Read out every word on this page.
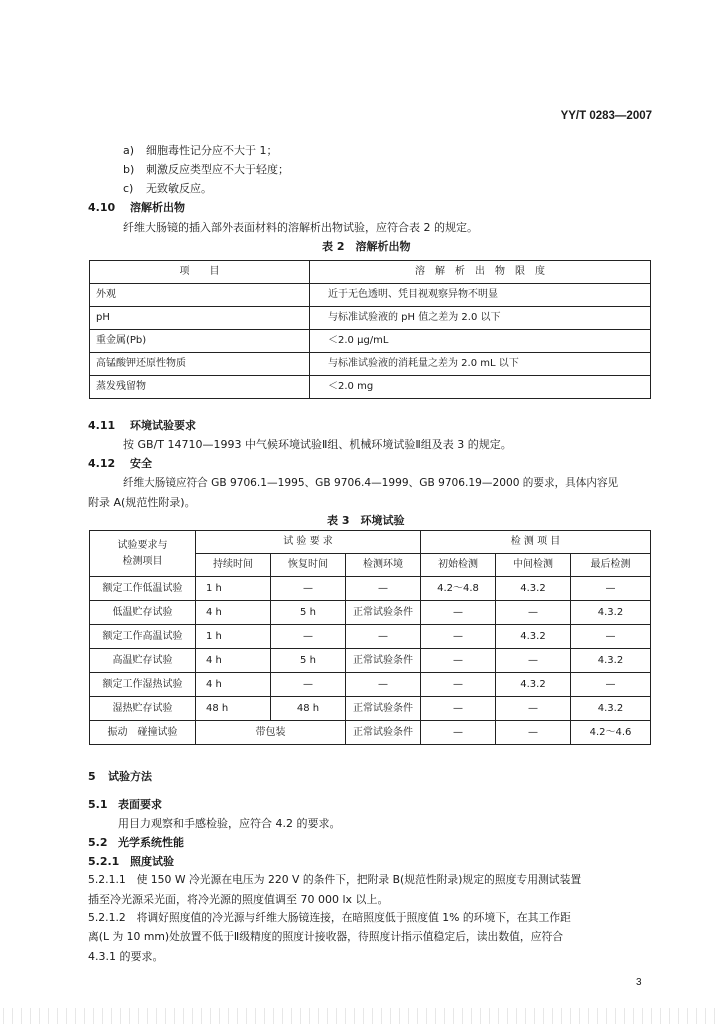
YY/T 0283—2007
a) 细胞毒性记分应不大于 1；
b) 刺激反应类型应不大于轻度；
c) 无致敏反应。
4.10 溶解析出物
纤维大肠镜的插入部外表面材料的溶解析出物试验，应符合表 2 的规定。
表 2　溶解析出物
项　　目	溶　解　析　出　物　限　度
外观	近于无色透明、凭目视观察异物不明显
pH	与标准试验液的 pH 值之差为 2.0 以下
重金属(Pb)	＜2.0 μg/mL
高锰酸钾还原性物质	与标准试验液的消耗量之差为 2.0 mL 以下
蒸发残留物	＜2.0 mg
4.11 环境试验要求
按 GB/T 14710—1993 中气候环境试验Ⅱ组、机械环境试验Ⅱ组及表 3 的规定。
4.12 安全
纤维大肠镜应符合 GB 9706.1—1995、GB 9706.4—1999、GB 9706.19—2000 的要求，具体内容见
附录 A(规范性附录)。
表 3　环境试验
试验要求与
检测项目	试 验 要 求			检 测 项 目		
	持续时间	恢复时间	检测环境	初始检测	中间检测	最后检测
额定工作低温试验	1 h	—	—	4.2～4.8	4.3.2	—
低温贮存试验	4 h	5 h	正常试验条件	—	—	4.3.2
额定工作高温试验	1 h	—	—	—	4.3.2	—
高温贮存试验	4 h	5 h	正常试验条件	—	—	4.3.2
额定工作湿热试验	4 h	—	—	—	4.3.2	—
湿热贮存试验	48 h	48 h	正常试验条件	—	—	4.3.2
振动　碰撞试验	带包装		正常试验条件	—	—	4.2～4.6
5 试验方法
5.1 表面要求
用目力观察和手感检验，应符合 4.2 的要求。
5.2 光学系统性能
5.2.1 照度试验
5.2.1.1　使 150 W 冷光源在电压为 220 V 的条件下，把附录 B(规范性附录)规定的照度专用测试装置
插至冷光源采光面，将冷光源的照度值调至 70 000 lx 以上。
5.2.1.2　将调好照度值的冷光源与纤维大肠镜连接，在暗照度低于照度值 1% 的环境下，在其工作距
离(L 为 10 mm)处放置不低于Ⅱ级精度的照度计接收器，待照度计指示值稳定后，读出数值，应符合
4.3.1 的要求。
3
